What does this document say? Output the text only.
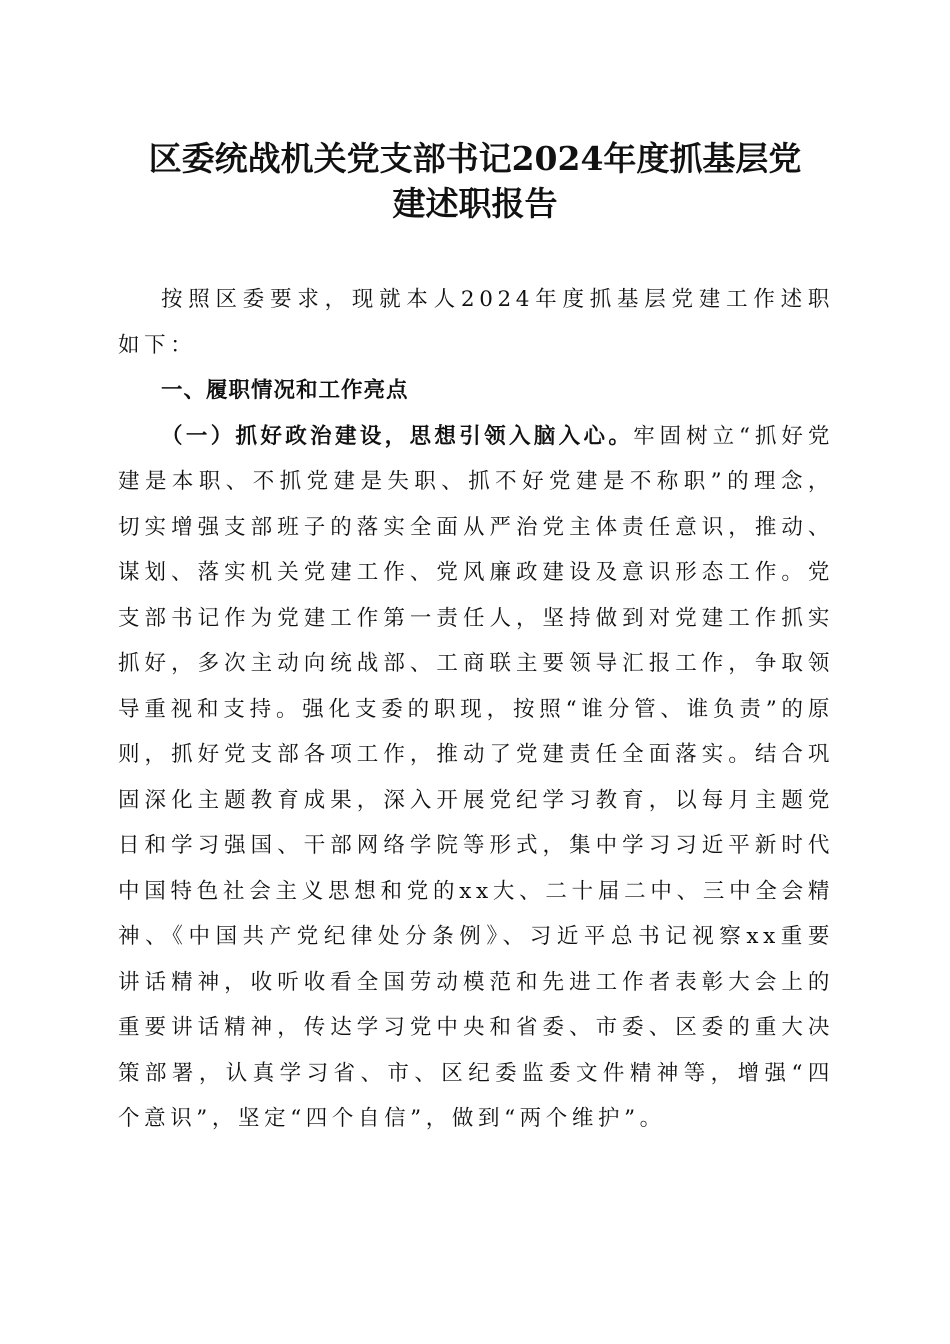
区委统战机关党支部书记2024年度抓基层党
建述职报告

按照区委要求，现就本人2024年度抓基层党建工作述职如下：

一、履职情况和工作亮点

（一）抓好政治建设，思想引领入脑入心。牢固树立“抓好党建是本职、不抓党建是失职、抓不好党建是不称职”的理念，切实增强支部班子的落实全面从严治党主体责任意识，推动、谋划、落实机关党建工作、党风廉政建设及意识形态工作。党支部书记作为党建工作第一责任人，坚持做到对党建工作抓实抓好，多次主动向统战部、工商联主要领导汇报工作，争取领导重视和支持。强化支委的职现，按照“谁分管、谁负责”的原则，抓好党支部各项工作，推动了党建责任全面落实。结合巩固深化主题教育成果，深入开展党纪学习教育，以每月主题党日和学习强国、干部网络学院等形式，集中学习习近平新时代中国特色社会主义思想和党的xx大、二十届二中、三中全会精神、《中国共产党纪律处分条例》、习近平总书记视察xx重要讲话精神，收听收看全国劳动模范和先进工作者表彰大会上的重要讲话精神，传达学习党中央和省委、市委、区委的重大决策部署，认真学习省、市、区纪委监委文件精神等，增强“四个意识”，坚定“四个自信”，做到“两个维护”。
